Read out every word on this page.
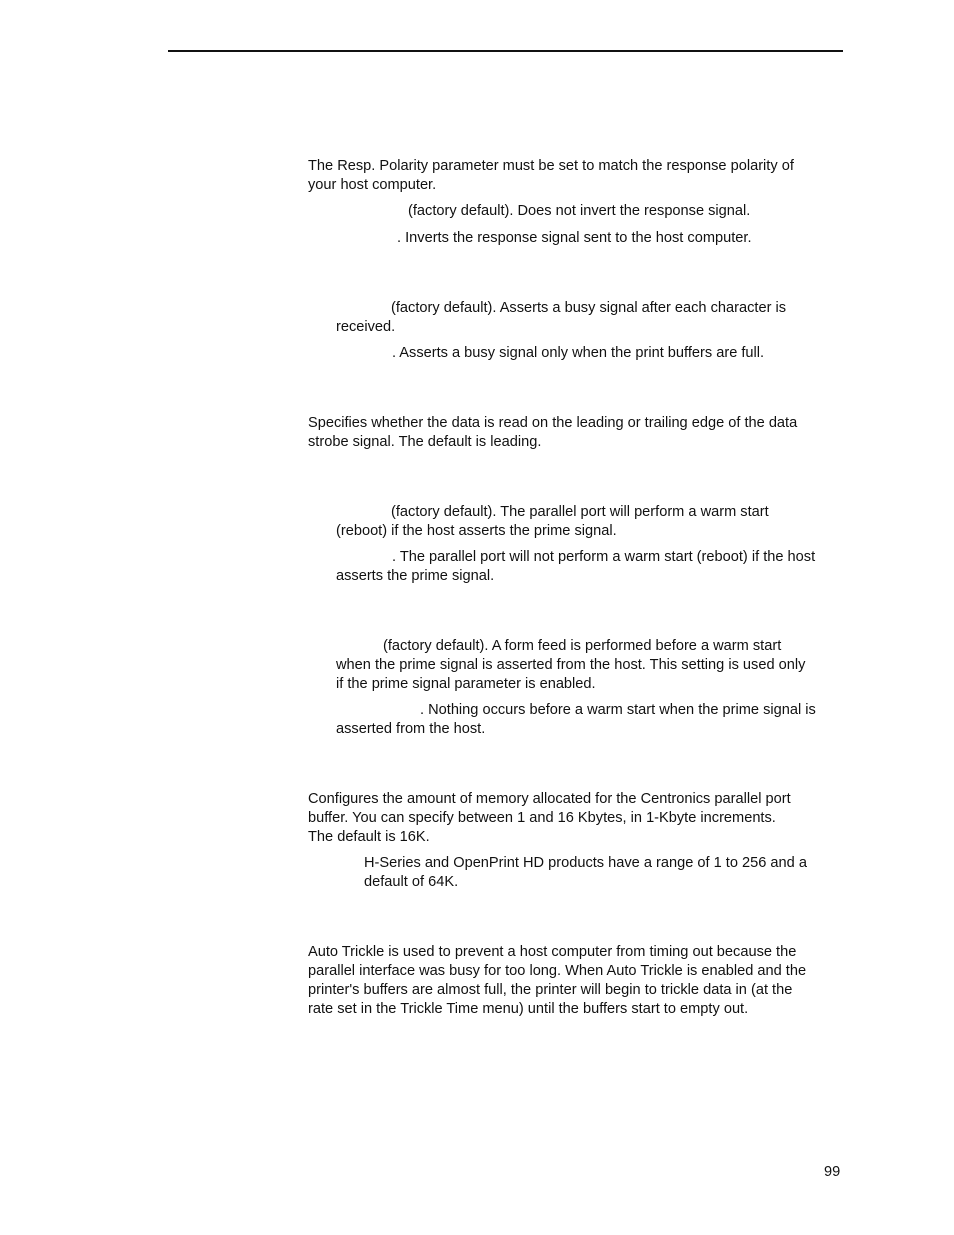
The Resp. Polarity parameter must be set to match the response polarity of
your host computer.

(factory default). Does not invert the response signal.

. Inverts the response signal sent to the host computer.

(factory default). Asserts a busy signal after each character is
received.

. Asserts a busy signal only when the print buffers are full.

Specifies whether the data is read on the leading or trailing edge of the data
strobe signal. The default is leading.

(factory default). The parallel port will perform a warm start
(reboot) if the host asserts the prime signal.

. The parallel port will not perform a warm start (reboot) if the host
asserts the prime signal.

(factory default). A form feed is performed before a warm start
when the prime signal is asserted from the host. This setting is used only
if the prime signal parameter is enabled.

. Nothing occurs before a warm start when the prime signal is
asserted from the host.

Configures the amount of memory allocated for the Centronics parallel port
buffer. You can specify between 1 and 16 Kbytes, in 1-Kbyte increments.
The default is 16K.

H-Series and OpenPrint HD products have a range of 1 to 256 and a
default of 64K.

Auto Trickle is used to prevent a host computer from timing out because the
parallel interface was busy for too long. When Auto Trickle is enabled and the
printer's buffers are almost full, the printer will begin to trickle data in (at the
rate set in the Trickle Time menu) until the buffers start to empty out.

99
